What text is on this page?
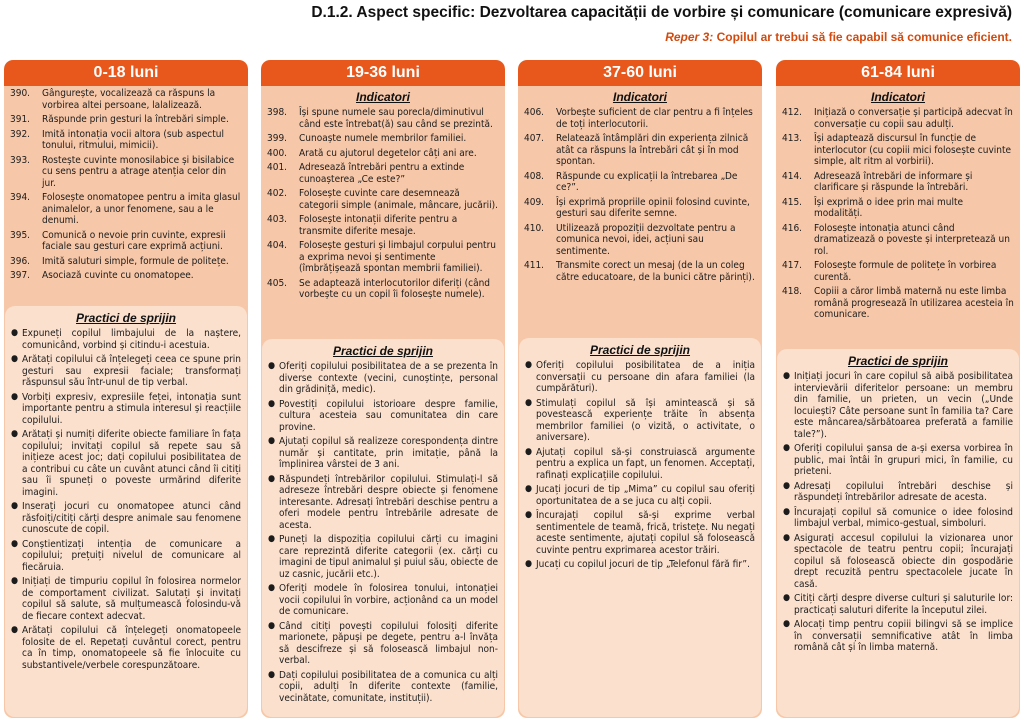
D.1.2. Aspect specific: Dezvoltarea capacității de vorbire și comunicare (comunicare expresivă)
Reper 3: Copilul ar trebui să fie capabil să comunice eficient.
0-18 luni
390.	Gângurește, vocalizează ca răspuns la vorbirea altei persoane, lalalizează.
391.	Răspunde prin gesturi la întrebări simple.
392.	Imită intonația vocii altora (sub aspectul tonului, ritmului, mimicii).
393.	Rostește cuvinte monosilabice și bisilabice cu sens pentru a atrage atenția celor din jur.
394.	Folosește onomatopee pentru a imita glasul animalelor, a unor fenomene, sau a le denumi.
395.	Comunică o nevoie prin cuvinte, expresii faciale sau gesturi care exprimă acțiuni.
396.	Imită saluturi simple, formule de politețe.
397.	Asociază cuvinte cu onomatopee.
Practici de sprijin
● Expuneți copilul limbajului de la naștere, comunicând, vorbind și citindu-i acestuia.
● Arătați copilului că înțelegeți ceea ce spune prin gesturi sau expresii faciale; transformați răspunsul său într-unul de tip verbal.
● Vorbiți expresiv, expresiile feței, intonația sunt importante pentru a stimula interesul și reacțiile copilului.
● Arătați și numiți diferite obiecte familiare în fața copilului; invitați copilul să repete sau să inițieze acest joc; dați copilului posibilitatea de a contribui cu câte un cuvânt atunci când îi citiți sau îi spuneți o poveste urmărind diferite imagini.
● Inserați jocuri cu onomatopee atunci când răsfoiți/citiți cărți despre animale sau fenomene cunoscute de copil.
● Conștientizați intenția de comunicare a copilului; prețuiți nivelul de comunicare al fiecăruia.
● Inițiați de timpuriu copilul în folosirea normelor de comportament civilizat. Salutați și invitați copilul să salute, să mulțumească folosindu-vă de fiecare context adecvat.
● Arătați copilului că înțelegeți onomatopeele folosite de el. Repetați cuvântul corect, pentru ca în timp, onomatopeele să fie înlocuite cu substantivele/verbele corespunzătoare.
19-36 luni
Indicatori
398.	Își spune numele sau porecla/diminutivul când este întrebat(ă) sau când se prezintă.
399.	Cunoaște numele membrilor familiei.
400.	Arată cu ajutorul degetelor câți ani are.
401.	Adresează întrebări pentru a extinde cunoașterea „Ce este?”
402.	Folosește cuvinte care desemnează categorii simple (animale, mâncare, jucării).
403.	Folosește intonații diferite pentru a transmite diferite mesaje.
404.	Folosește gesturi și limbajul corpului pentru a exprima nevoi și sentimente (îmbrățișează spontan membrii familiei).
405.	Se adaptează interlocutorilor diferiți (când vorbește cu un copil îi folosește numele).
Practici de sprijin
● Oferiți copilului posibilitatea de a se prezenta în diverse contexte (vecini, cunoștințe, personal din grădiniță, medic).
● Povestiți copilului istorioare despre familie, cultura acesteia sau comunitatea din care provine.
● Ajutați copilul să realizeze corespondența dintre număr și cantitate, prin imitație, până la împlinirea vârstei de 3 ani.
● Răspundeți întrebărilor copilului. Stimulați-l să adreseze întrebări despre obiecte și fenomene interesante. Adresați întrebări deschise pentru a oferi modele pentru întrebările adresate de acesta.
● Puneți la dispoziția copilului cărți cu imagini care reprezintă diferite categorii (ex. cărți cu imagini de tipul animalul și puiul său, obiecte de uz casnic, jucării etc.).
● Oferiți modele în folosirea tonului, intonației vocii copilului în vorbire, acționând ca un model de comunicare.
● Când citiți povești copilului folosiți diferite marionete, păpuși pe degete, pentru a-l învăța să descifreze și să folosească limbajul non-verbal.
● Dați copilului posibilitatea de a comunica cu alți copii, adulți în diferite contexte (familie, vecinătate, comunitate, instituții).
37-60 luni
Indicatori
406.	Vorbește suficient de clar pentru a fi înțeles de toți interlocutorii.
407.	Relatează întâmplări din experiența zilnică atât ca răspuns la întrebări cât și în mod spontan.
408.	Răspunde cu explicații la întrebarea „De ce?”.
409.	Își exprimă propriile opinii folosind cuvinte, gesturi sau diferite semne.
410.	Utilizează propoziții dezvoltate pentru a comunica nevoi, idei, acțiuni sau sentimente.
411.	Transmite corect un mesaj (de la un coleg către educatoare, de la bunici către părinți).
Practici de sprijin
● Oferiți copilului posibilitatea de a iniția conversații cu persoane din afara familiei (la cumpărături).
● Stimulați copilul să își amintească și să povestească experiențe trăite în absența membrilor familiei (o vizită, o activitate, o aniversare).
● Ajutați copilul să-și construiască argumente pentru a explica un fapt, un fenomen. Acceptați, rafinați explicațiile copilului.
● Jucați jocuri de tip „Mima” cu copilul sau oferiți oportunitatea de a se juca cu alți copii.
● Încurajați copilul să-și exprime verbal sentimentele de teamă, frică, tristețe. Nu negați aceste sentimente, ajutați copilul să folosească cuvinte pentru exprimarea acestor trăiri.
● Jucați cu copilul jocuri de tip „Telefonul fără fir”.
61-84 luni
Indicatori
412.	Inițiază o conversație și participă adecvat în conversație cu copii sau adulți.
413.	Își adaptează discursul în funcție de interlocutor (cu copiii mici folosește cuvinte simple, alt ritm al vorbirii).
414.	Adresează întrebări de informare și clarificare și răspunde la întrebări.
415.	Își exprimă o idee prin mai multe modalități.
416.	Folosește intonația atunci când dramatizează o poveste și interpretează un rol.
417.	Folosește formule de politețe în vorbirea curentă.
418.	Copiii a căror limbă maternă nu este limba română progresează în utilizarea acesteia în comunicare.
Practici de sprijin
● Inițiați jocuri în care copilul să aibă posibilitatea intervievării diferitelor persoane: un membru din familie, un prieten, un vecin („Unde locuiești? Câte persoane sunt în familia ta? Care este mâncarea/sărbătoarea preferată a familie tale?”).
● Oferiți copilului șansa de a-și exersa vorbirea în public, mai întâi în grupuri mici, în familie, cu prieteni.
● Adresați copilului întrebări deschise și răspundeți întrebărilor adresate de acesta.
● Încurajați copilul să comunice o idee folosind limbajul verbal, mimico-gestual, simboluri.
● Asigurați accesul copilului la vizionarea unor spectacole de teatru pentru copii; încurajați copilul să folosească obiecte din gospodărie drept recuzită pentru spectacolele jucate în casă.
● Citiți cărți despre diverse culturi și saluturile lor: practicați saluturi diferite la începutul zilei.
● Alocați timp pentru copiii bilingvi să se implice în conversații semnificative atât în limba română cât și în limba maternă.
